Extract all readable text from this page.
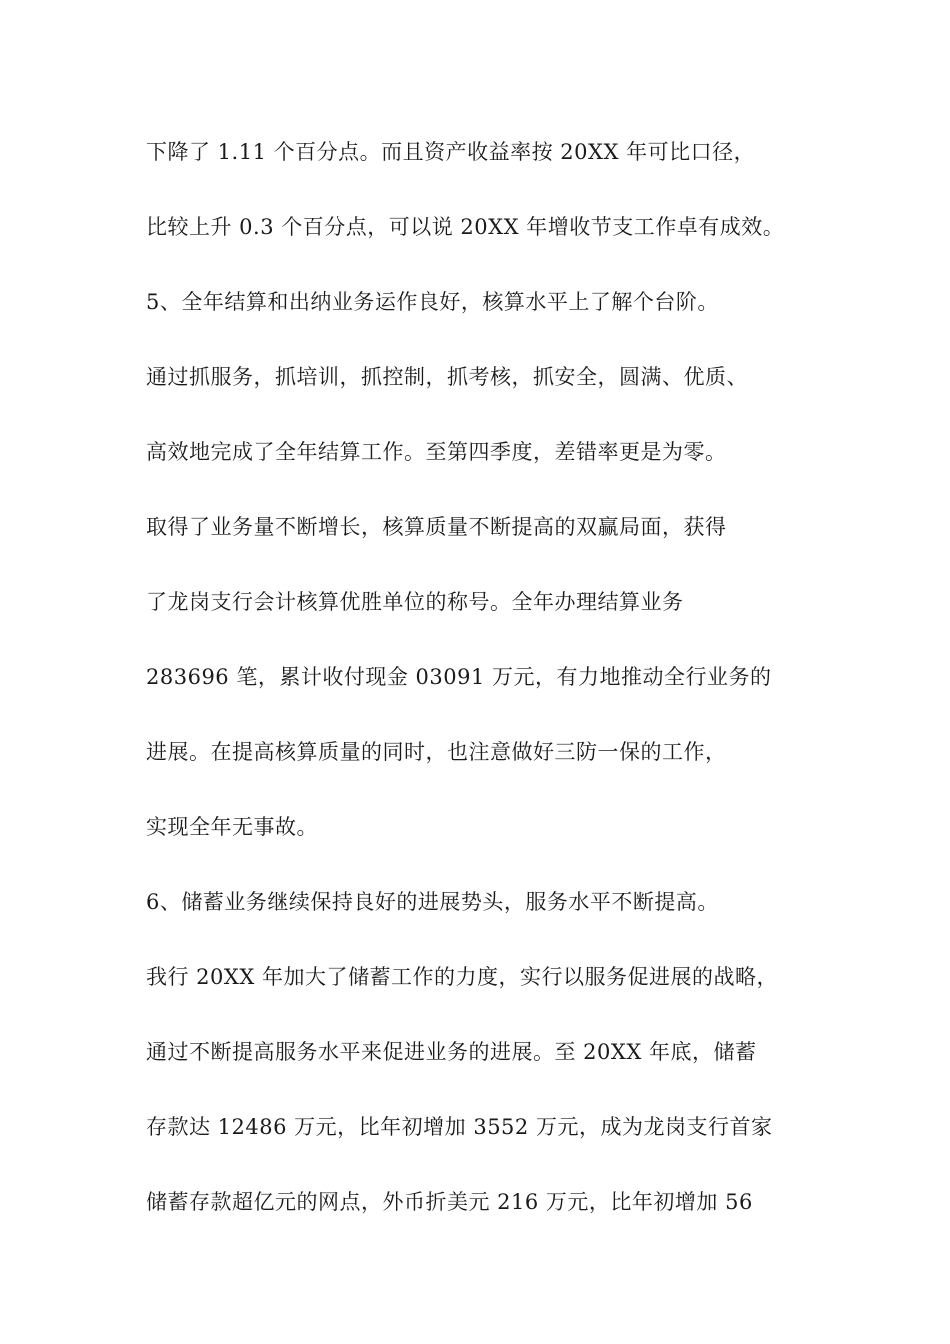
下降了 1.11 个百分点。而且资产收益率按 20XX 年可比口径，
比较上升 0.3 个百分点，可以说 20XX 年增收节支工作卓有成效。
5、全年结算和出纳业务运作良好，核算水平上了解个台阶。
通过抓服务，抓培训，抓控制，抓考核，抓安全，圆满、优质、
高效地完成了全年结算工作。至第四季度，差错率更是为零。
取得了业务量不断增长，核算质量不断提高的双赢局面，获得
了龙岗支行会计核算优胜单位的称号。全年办理结算业务
283696 笔，累计收付现金 03091 万元，有力地推动全行业务的
进展。在提高核算质量的同时，也注意做好三防一保的工作，
实现全年无事故。
6、储蓄业务继续保持良好的进展势头，服务水平不断提高。
我行 20XX 年加大了储蓄工作的力度，实行以服务促进展的战略，
通过不断提高服务水平来促进业务的进展。至 20XX 年底，储蓄
存款达 12486 万元，比年初增加 3552 万元，成为龙岗支行首家
储蓄存款超亿元的网点，外币折美元 216 万元，比年初增加 56
